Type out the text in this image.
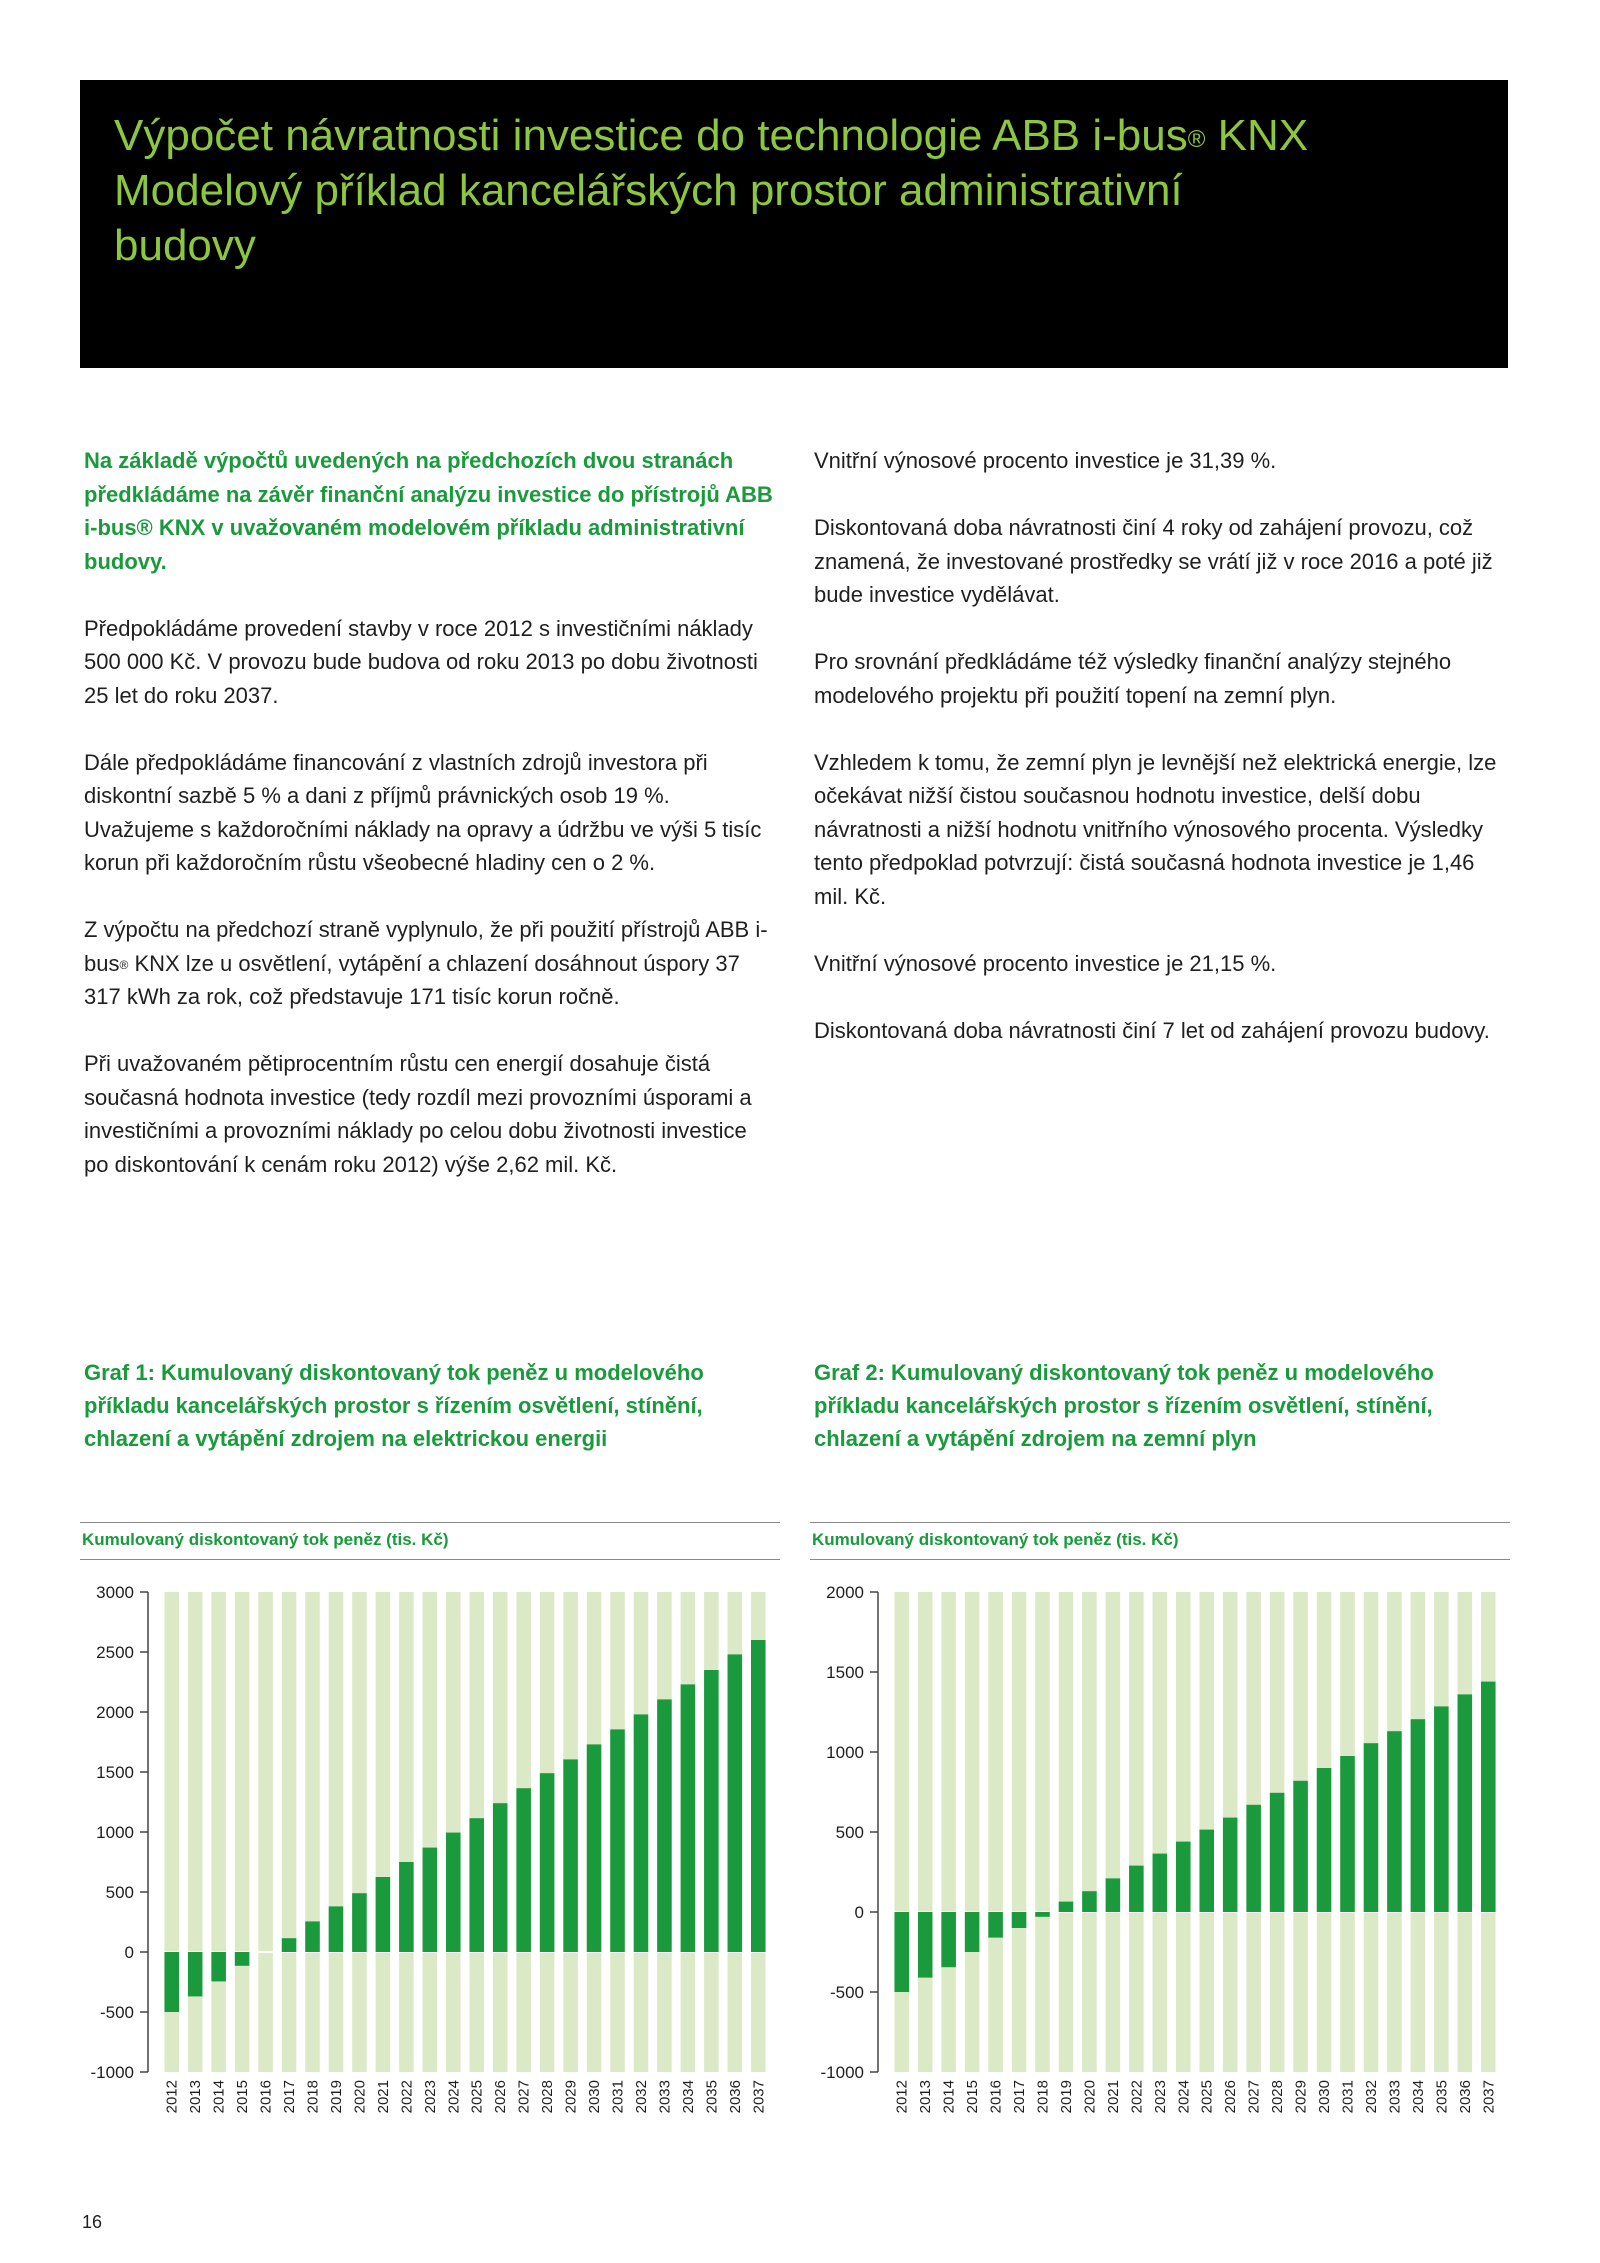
Výpočet návratnosti investice do technologie ABB i-bus® KNX
Modelový příklad kancelářských prostor administrativní
budovy

Na základě výpočtů uvedených na předchozích dvou stranách předkládáme na závěr finanční analýzu investice do přístrojů ABB i-bus® KNX v uvažovaném modelovém příkladu administrativní budovy.

Předpokládáme provedení stavby v roce 2012 s investičními náklady 500 000 Kč. V provozu bude budova od roku 2013 po dobu životnosti 25 let do roku 2037.

Dále předpokládáme financování z vlastních zdrojů investora při diskontní sazbě 5 % a dani z příjmů právnických osob 19 %. Uvažujeme s každoročními náklady na opravy a údržbu ve výši 5 tisíc korun při každoročním růstu všeobecné hladiny cen o 2 %.

Z výpočtu na předchozí straně vyplynulo, že při použití přístrojů ABB i-bus® KNX lze u osvětlení, vytápění a chlazení dosáhnout úspory 37 317 kWh za rok, což představuje 171 tisíc korun ročně.

Při uvažovaném pětiprocentním růstu cen energií dosahuje čistá současná hodnota investice (tedy rozdíl mezi provozními úsporami a investičními a provozními náklady po celou dobu životnosti investice po diskontování k cenám roku 2012) výše 2,62 mil. Kč.

Vnitřní výnosové procento investice je 31,39 %.

Diskontovaná doba návratnosti činí 4 roky od zahájení provozu, což znamená, že investované prostředky se vrátí již v roce 2016 a poté již bude investice vydělávat.

Pro srovnání předkládáme též výsledky finanční analýzy stejného modelového projektu při použití topení na zemní plyn.

Vzhledem k tomu, že zemní plyn je levnější než elektrická energie, lze očekávat nižší čistou současnou hodnotu investice, delší dobu návratnosti a nižší hodnotu vnitřního výnosového procenta. Výsledky tento předpoklad potvrzují: čistá současná hodnota investice je 1,46 mil. Kč.

Vnitřní výnosové procento investice je 21,15 %.

Diskontovaná doba návratnosti činí 7 let od zahájení provozu budovy.

Graf 1: Kumulovaný diskontovaný tok peněz u modelového příkladu kancelářských prostor s řízením osvětlení, stínění, chlazení a vytápění zdrojem na elektrickou energii
Graf 2: Kumulovaný diskontovaný tok peněz u modelového příkladu kancelářských prostor s řízením osvětlení, stínění, chlazení a vytápění zdrojem na zemní plyn
Kumulovaný diskontovaný tok peněz (tis. Kč)
-1000
-500
0
500
1000
1500
2000
2500
3000
2012 2013 2014 2015 2016 2017 2018 2019 2020 2021 2022 2023 2024 2025 2026 2027 2028 2029 2030 2031 2032 2033 2034 2035 2036 2037
Kumulovaný diskontovaný tok peněz (tis. Kč)
-1000
-500
0
500
1000
1500
2000
2012 2013 2014 2015 2016 2017 2018 2019 2020 2021 2022 2023 2024 2025 2026 2027 2028 2029 2030 2031 2032 2033 2034 2035 2036 2037
16
